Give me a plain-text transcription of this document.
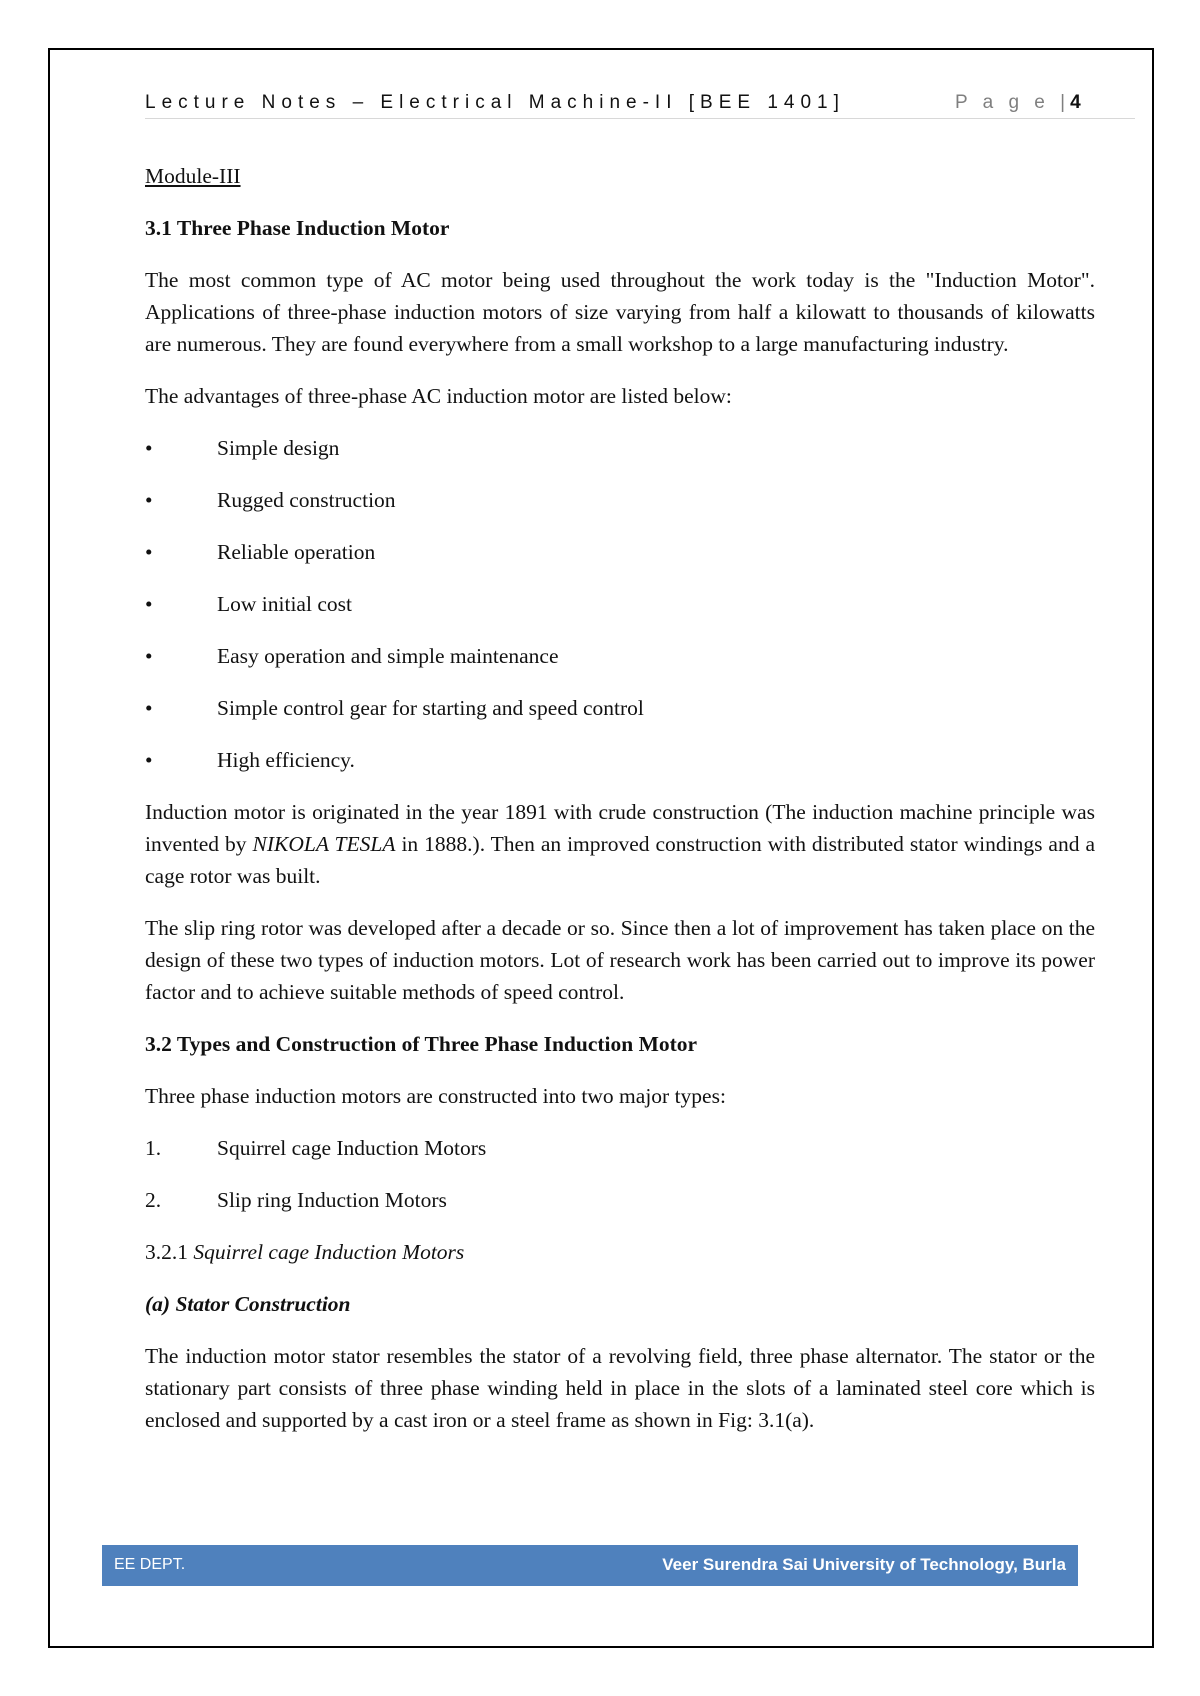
Lecture Notes – Electrical Machine-II [BEE 1401]	P a g e |4

Module-III

3.1 Three Phase Induction Motor

The most common type of AC motor being used throughout the work today is the "Induction Motor". Applications of three-phase induction motors of size varying from half a kilowatt to thousands of kilowatts are numerous. They are found everywhere from a small workshop to a large manufacturing industry.

The advantages of three-phase AC induction motor are listed below:

•	Simple design
•	Rugged construction
•	Reliable operation
•	Low initial cost
•	Easy operation and simple maintenance
•	Simple control gear for starting and speed control
•	High efficiency.

Induction motor is originated in the year 1891 with crude construction (The induction machine principle was invented by NIKOLA TESLA in 1888.). Then an improved construction with distributed stator windings and a cage rotor was built.

The slip ring rotor was developed after a decade or so. Since then a lot of improvement has taken place on the design of these two types of induction motors. Lot of research work has been carried out to improve its power factor and to achieve suitable methods of speed control.

3.2 Types and Construction of Three Phase Induction Motor

Three phase induction motors are constructed into two major types:

1.	Squirrel cage Induction Motors
2.	Slip ring Induction Motors

3.2.1 Squirrel cage Induction Motors

(a) Stator Construction

The induction motor stator resembles the stator of a revolving field, three phase alternator. The stator or the stationary part consists of three phase winding held in place in the slots of a laminated steel core which is enclosed and supported by a cast iron or a steel frame as shown in Fig: 3.1(a).

EE DEPT.	Veer Surendra Sai University of Technology, Burla
